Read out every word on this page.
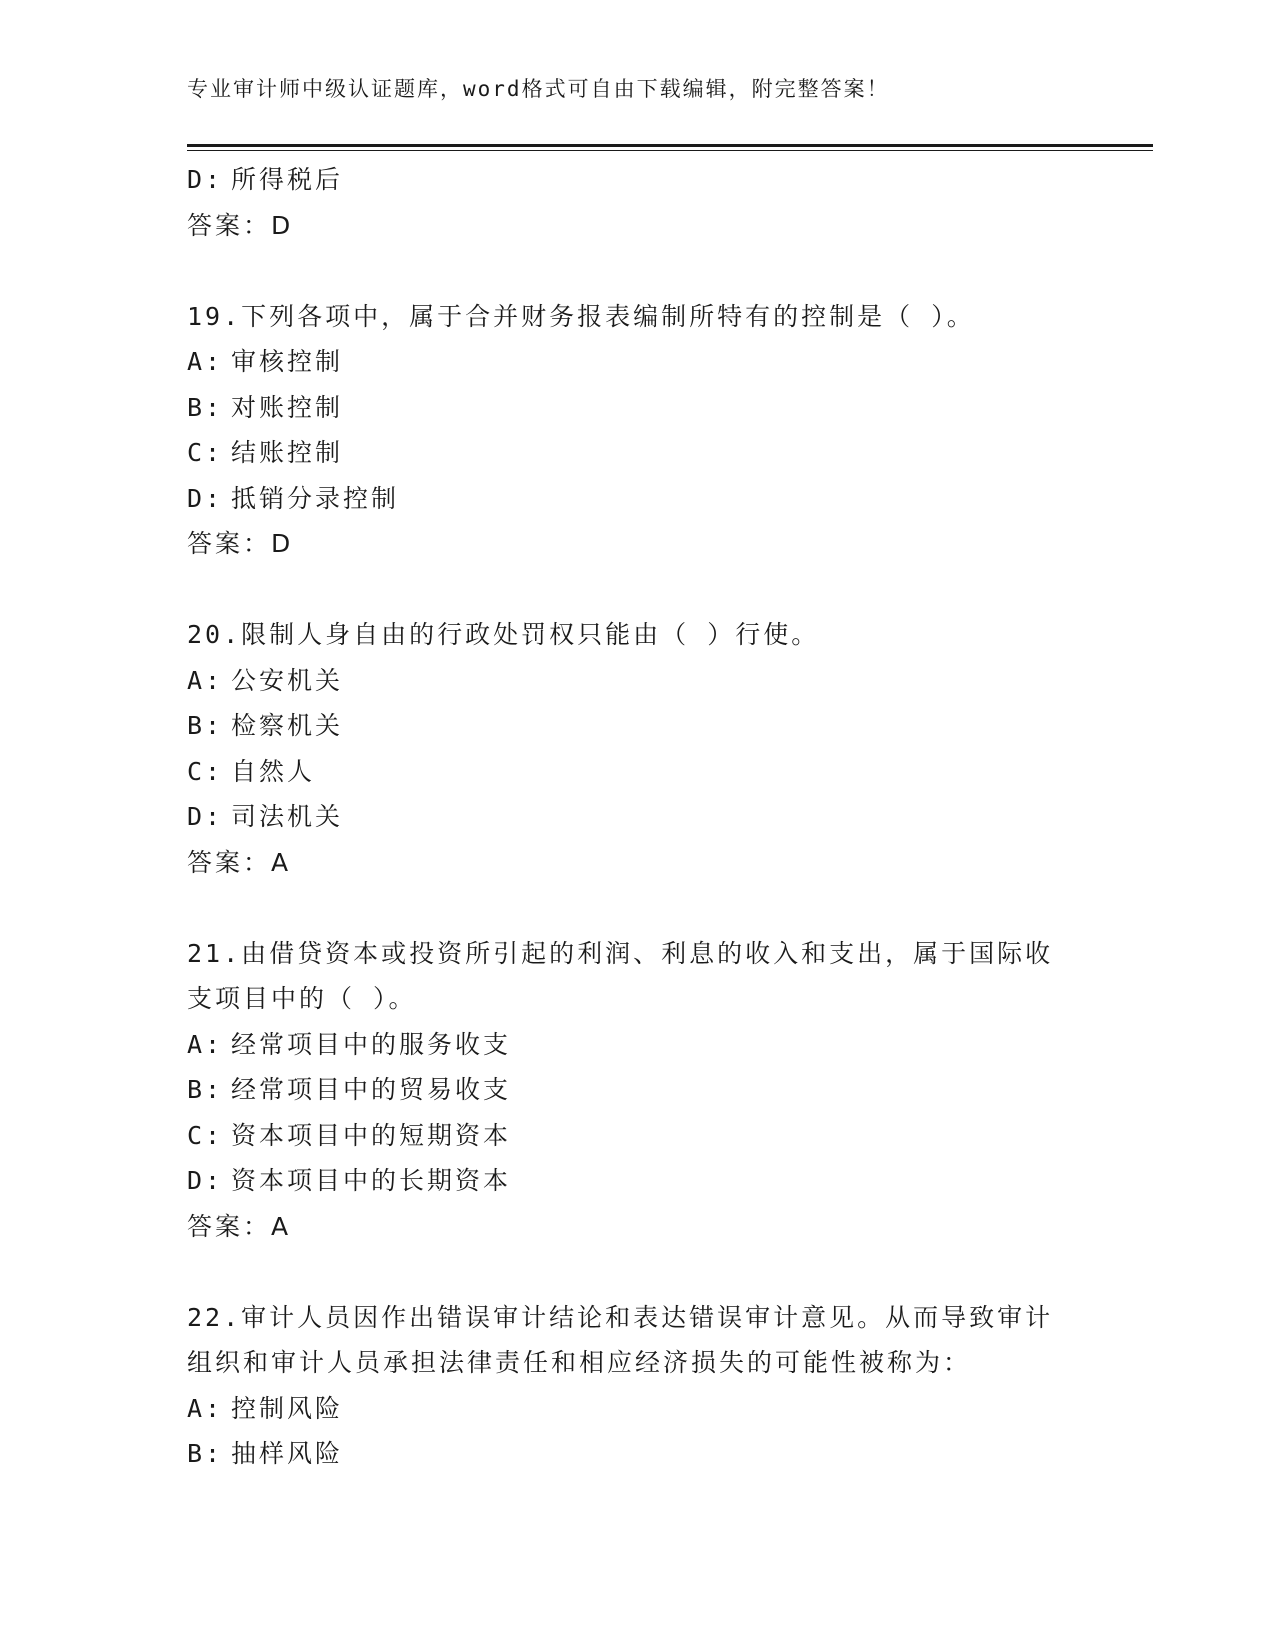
专业审计师中级认证题库，word格式可自由下载编辑，附完整答案！
D: 所得税后
答案：D
19.下列各项中，属于合并财务报表编制所特有的控制是（ ）。
A: 审核控制
B: 对账控制
C: 结账控制
D: 抵销分录控制
答案：D
20.限制人身自由的行政处罚权只能由（ ）行使。
A: 公安机关
B: 检察机关
C: 自然人
D: 司法机关
答案：A
21.由借贷资本或投资所引起的利润、利息的收入和支出，属于国际收
支项目中的（ ）。
A: 经常项目中的服务收支
B: 经常项目中的贸易收支
C: 资本项目中的短期资本
D: 资本项目中的长期资本
答案：A
22.审计人员因作出错误审计结论和表达错误审计意见。从而导致审计
组织和审计人员承担法律责任和相应经济损失的可能性被称为：
A: 控制风险
B: 抽样风险
